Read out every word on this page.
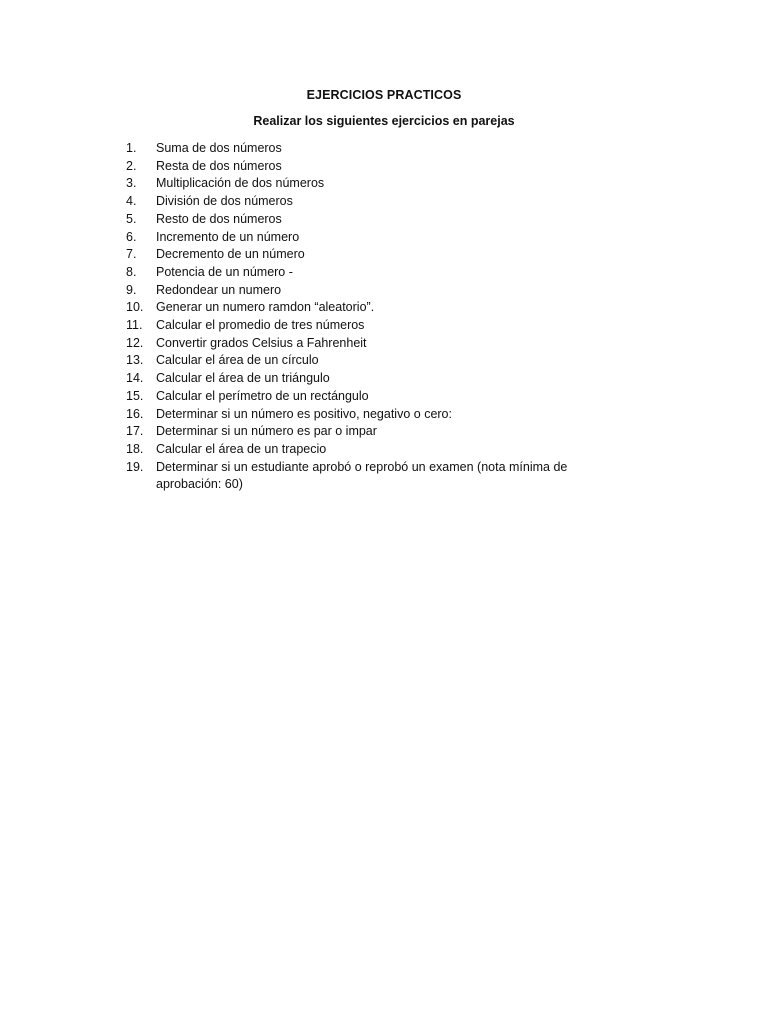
EJERCICIOS PRACTICOS
Realizar los siguientes ejercicios en parejas
1.	Suma de dos números
2.	Resta de dos números
3.	Multiplicación de dos números
4.	División de dos números
5.	Resto de dos números
6.	Incremento de un número
7.	Decremento de un número
8.	Potencia de un número -
9.	Redondear un numero
10.	Generar un numero ramdon “aleatorio”.
11.	Calcular el promedio de tres números
12.	Convertir grados Celsius a Fahrenheit
13.	Calcular el área de un círculo
14.	Calcular el área de un triángulo
15.	Calcular el perímetro de un rectángulo
16.	Determinar si un número es positivo, negativo o cero:
17.	Determinar si un número es par o impar
18.	Calcular el área de un trapecio
19.	Determinar si un estudiante aprobó o reprobó un examen (nota mínima de aprobación: 60)
